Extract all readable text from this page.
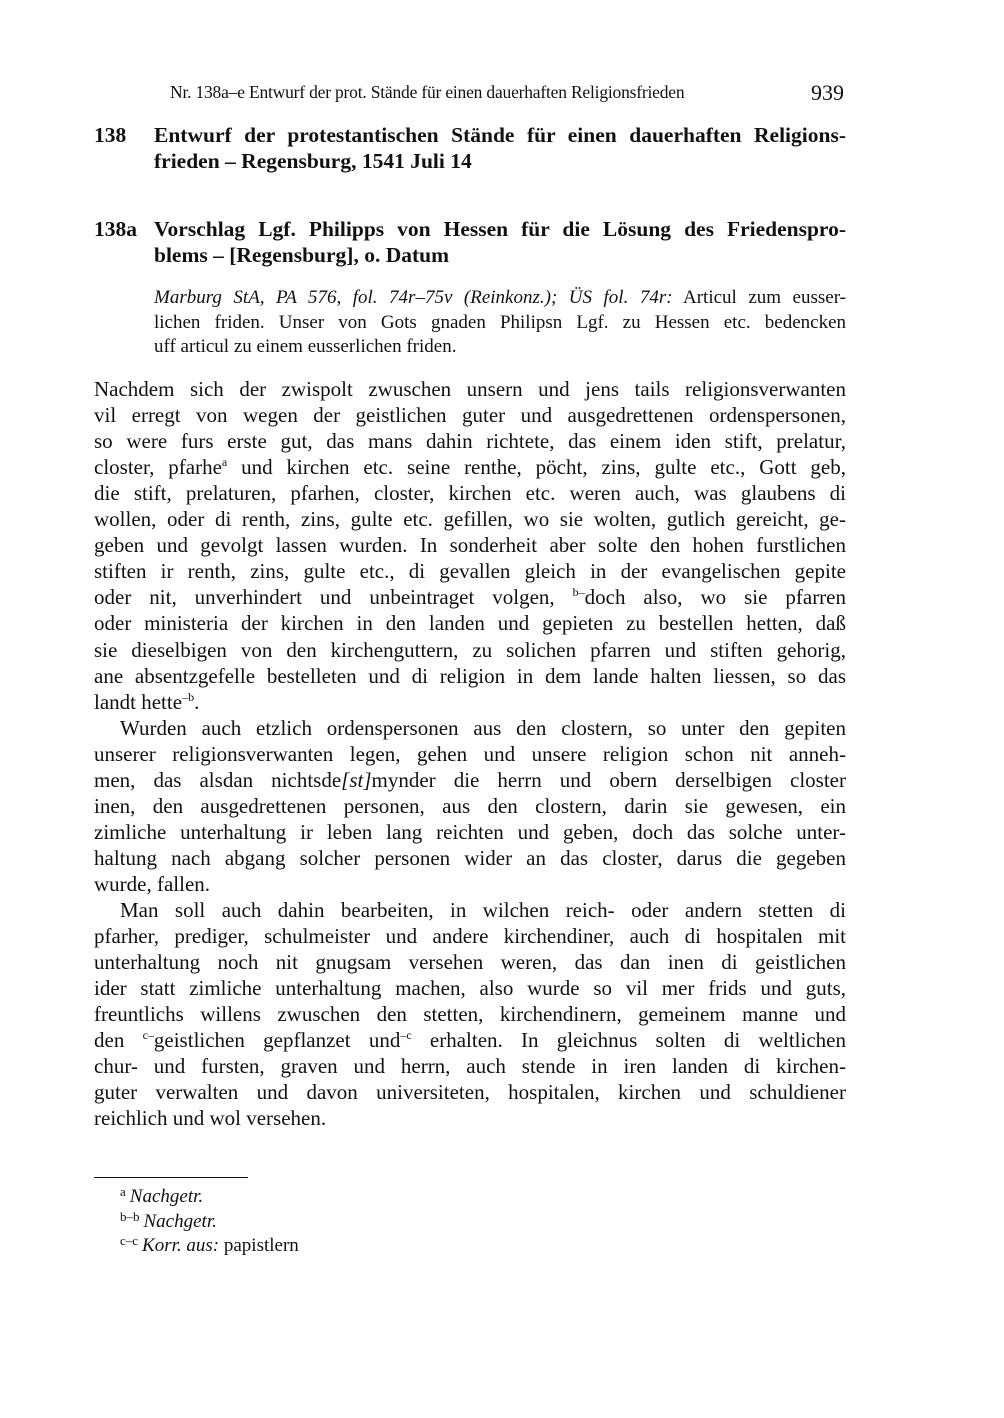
Nr. 138a–e Entwurf der prot. Stände für einen dauerhaften Religionsfrieden	939
138 Entwurf der protestantischen Stände für einen dauerhaften Religions-
frieden – Regensburg, 1541 Juli 14
138a Vorschlag Lgf. Philipps von Hessen für die Lösung des Friedenspro-
blems – [Regensburg], o. Datum
Marburg StA, PA 576, fol. 74r–75v (Reinkonz.); ÜS fol. 74r: Articul zum eusser-
lichen friden. Unser von Gots gnaden Philipsn Lgf. zu Hessen etc. bedencken
uff articul zu einem eusserlichen friden.
Nachdem sich der zwispolt zwuschen unsern und jens tails religionsverwanten
vil erregt von wegen der geistlichen guter und ausgedrettenen ordenspersonen,
so were furs erste gut, das mans dahin richtete, das einem iden stift, prelatur,
closter, pfarhe$^a$ und kirchen etc. seine renthe, pöcht, zins, gulte etc., Gott geb,
die stift, prelaturen, pfarhen, closter, kirchen etc. weren auch, was glaubens di
wollen, oder di renth, zins, gulte etc. gefillen, wo sie wolten, gutlich gereicht, ge-
geben und gevolgt lassen wurden. In sonderheit aber solte den hohen furstlichen
stiften ir renth, zins, gulte etc., di gevallen gleich in der evangelischen gepite
oder nit, unverhindert und unbeintraget volgen, $^{b-}$doch also, wo sie pfarren
oder ministeria der kirchen in den landen und gepieten zu bestellen hetten, daß
sie dieselbigen von den kirchenguttern, zu solichen pfarren und stiften gehorig,
ane absentzgefelle bestelleten und di religion in dem lande halten liessen, so das
landt hette$^{-b}$.
Wurden auch etzlich ordenspersonen aus den clostern, so unter den gepiten
unserer religionsverwanten legen, gehen und unsere religion schon nit anneh-
men, das alsdan nichtsde[st]mynder die herrn und obern derselbigen closter
inen, den ausgedrettenen personen, aus den clostern, darin sie gewesen, ein
zimliche unterhaltung ir leben lang reichten und geben, doch das solche unter-
haltung nach abgang solcher personen wider an das closter, darus die gegeben
wurde, fallen.
Man soll auch dahin bearbeiten, in wilchen reich- oder andern stetten di
pfarher, prediger, schulmeister und andere kirchendiner, auch di hospitalen mit
unterhaltung noch nit gnugsam versehen weren, das dan inen di geistlichen
ider statt zimliche unterhaltung machen, also wurde so vil mer frids und guts,
freuntlichs willens zwuschen den stetten, kirchendinern, gemeinem manne und
den $^{c-}$geistlichen gepflanzet und$^{-c}$ erhalten. In gleichnus solten di weltlichen
chur- und fursten, graven und herrn, auch stende in iren landen di kirchen-
guter verwalten und davon universiteten, hospitalen, kirchen und schuldiener
reichlich und wol versehen.
$^a$ Nachgetr.
$^{b-b}$ Nachgetr.
$^{c-c}$ Korr. aus: papistlern
